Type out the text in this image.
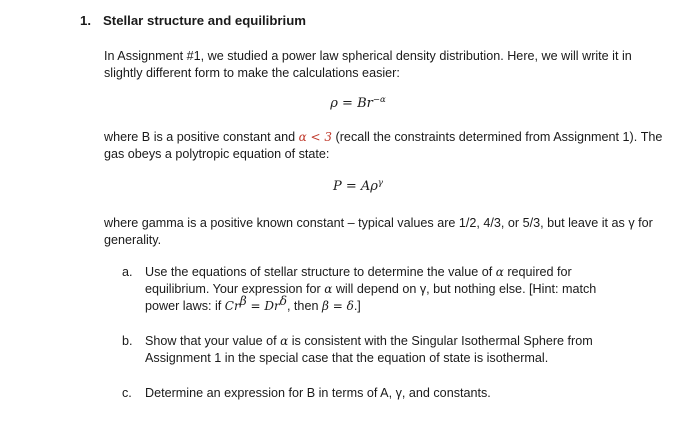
1. Stellar structure and equilibrium

In Assignment #1, we studied a power law spherical density distribution. Here, we will write it in slightly different form to make the calculations easier:

$\rho = Br^{-\alpha}$

where B is a positive constant and α < 3 (recall the constraints determined from Assignment 1). The gas obeys a polytropic equation of state:

$P = A\rho^\gamma$

where gamma is a positive known constant – typical values are 1/2, 4/3, or 5/3, but leave it as γ for generality.

a. Use the equations of stellar structure to determine the value of α required for equilibrium. Your expression for α will depend on γ, but nothing else. [Hint: match power laws: if $Cr^\beta = Dr^\delta$, then β = δ.]
b. Show that your value of α is consistent with the Singular Isothermal Sphere from Assignment 1 in the special case that the equation of state is isothermal.
c. Determine an expression for B in terms of A, γ, and constants.
